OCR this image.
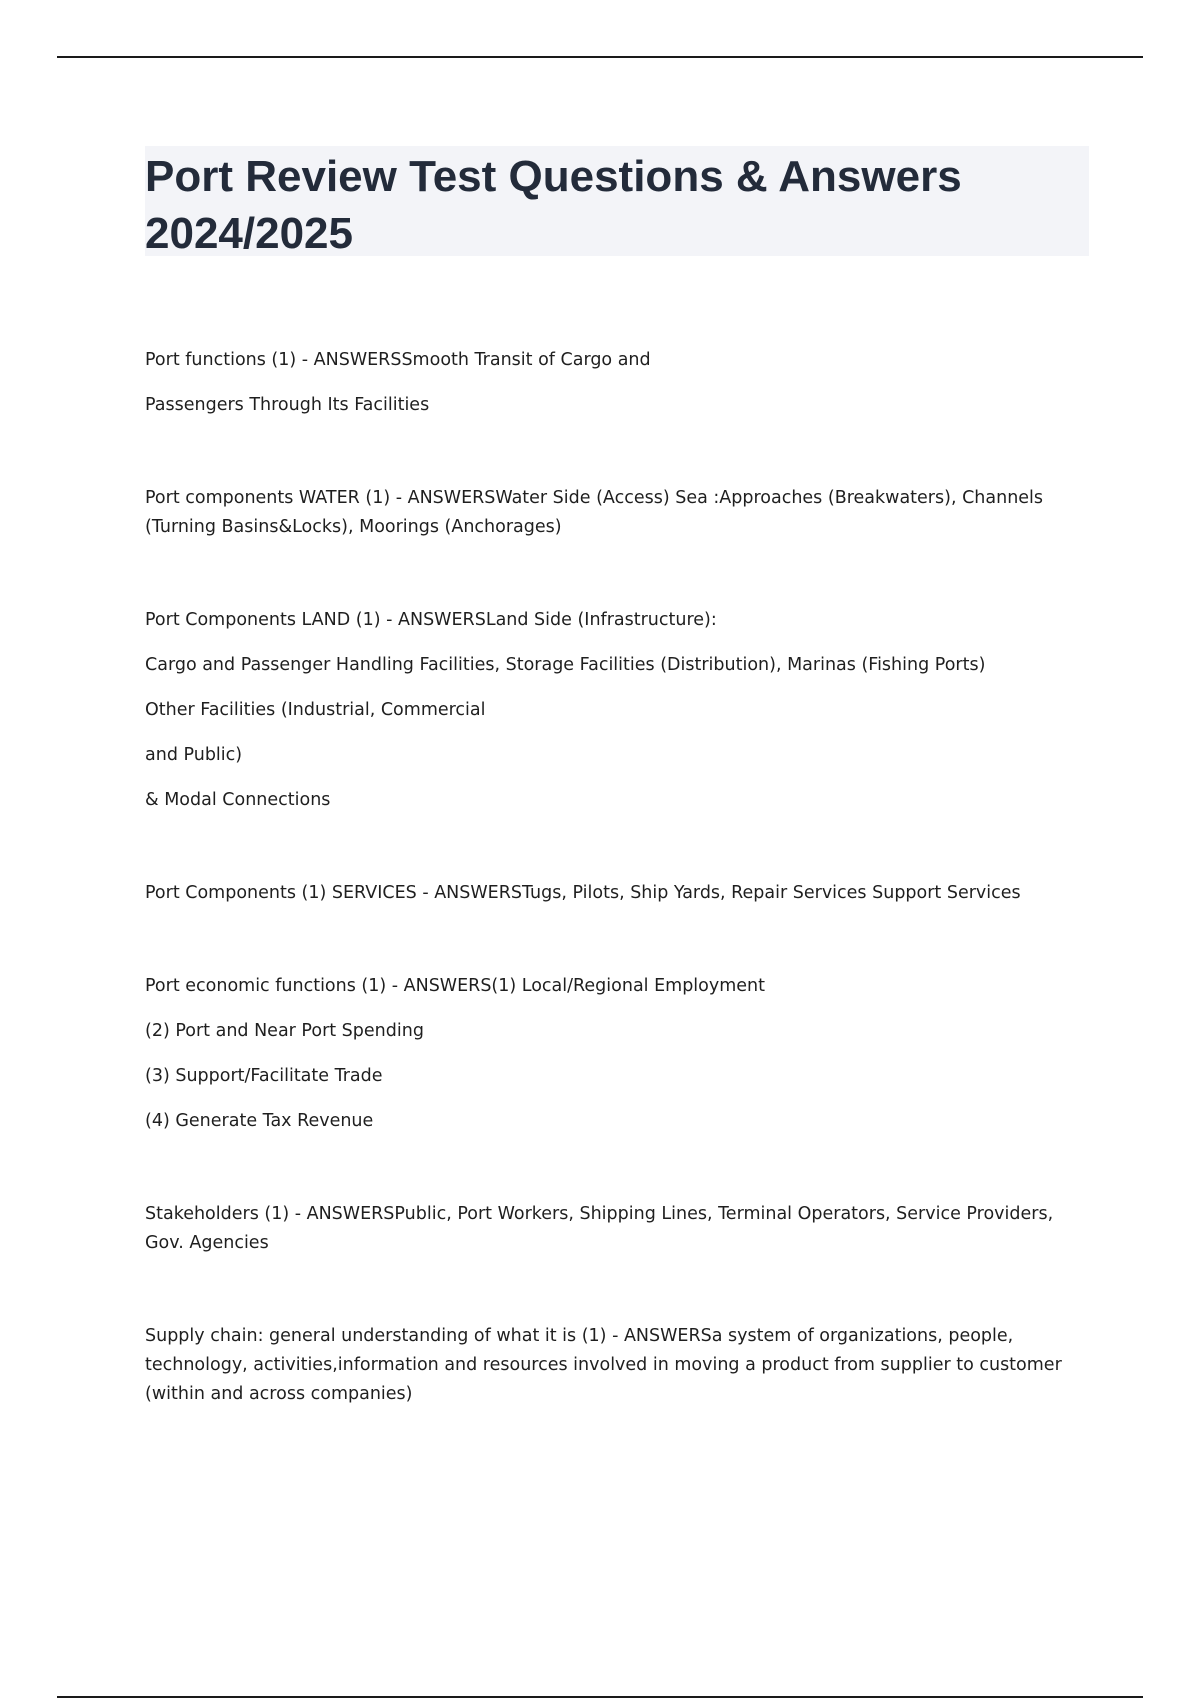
Port Review Test Questions & Answers 2024/2025

Port functions (1) - ANSWERSSmooth Transit of Cargo and

Passengers Through Its Facilities

Port components WATER (1) - ANSWERSWater Side (Access) Sea :Approaches (Breakwaters), Channels (Turning Basins&Locks), Moorings (Anchorages)

Port Components LAND (1) - ANSWERSLand Side (Infrastructure):

Cargo and Passenger Handling Facilities, Storage Facilities (Distribution), Marinas (Fishing Ports)

Other Facilities (Industrial, Commercial

and Public)

& Modal Connections

Port Components (1) SERVICES - ANSWERSTugs, Pilots, Ship Yards, Repair Services Support Services

Port economic functions (1) - ANSWERS(1) Local/Regional Employment

(2) Port and Near Port Spending

(3) Support/Facilitate Trade

(4) Generate Tax Revenue

Stakeholders (1) - ANSWERSPublic, Port Workers, Shipping Lines, Terminal Operators, Service Providers, Gov. Agencies

Supply chain: general understanding of what it is (1) - ANSWERSa system of organizations, people, technology, activities,information and resources involved in moving a product from supplier to customer (within and across companies)
